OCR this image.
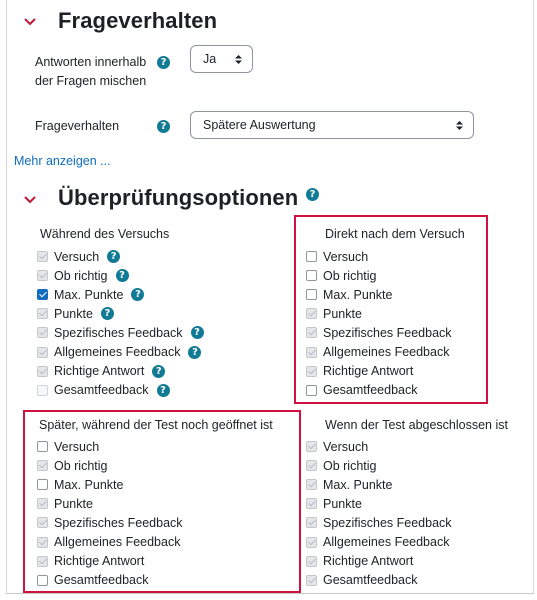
Frageverhalten
Antworten innerhalb
der Fragen mischen
?	Ja
Frageverhalten	?	Spätere Auswertung
Mehr anzeigen ...
Überprüfungsoptionen	?
Während des Versuchs
Versuch	?
Ob richtig	?
Max. Punkte	?
Punkte	?
Spezifisches Feedback	?
Allgemeines Feedback	?
Richtige Antwort	?
Gesamtfeedback	?
Direkt nach dem Versuch
Versuch
Ob richtig
Max. Punkte
Punkte
Spezifisches Feedback
Allgemeines Feedback
Richtige Antwort
Gesamtfeedback
Später, während der Test noch geöffnet ist
Versuch
Ob richtig
Max. Punkte
Punkte
Spezifisches Feedback
Allgemeines Feedback
Richtige Antwort
Gesamtfeedback
Wenn der Test abgeschlossen ist
Versuch
Ob richtig
Max. Punkte
Punkte
Spezifisches Feedback
Allgemeines Feedback
Richtige Antwort
Gesamtfeedback
